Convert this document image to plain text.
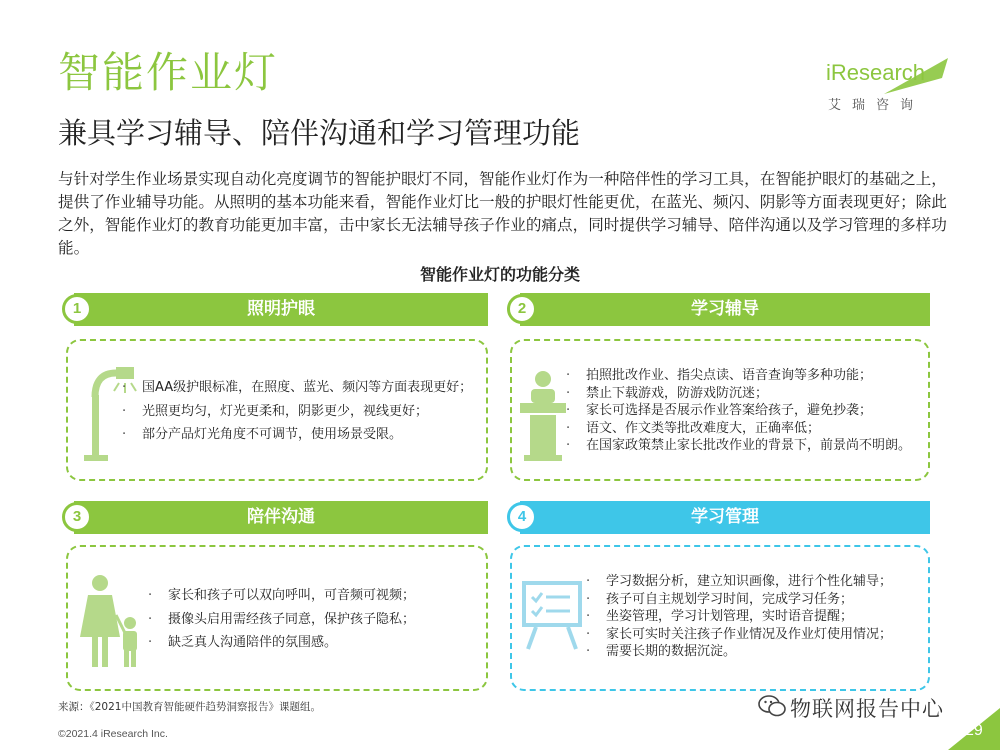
智能作业灯
兼具学习辅导、陪伴沟通和学习管理功能
iResearch
艾瑞咨询
与针对学生作业场景实现自动化亮度调节的智能护眼灯不同，智能作业灯作为一种陪伴性的学习工具，在智能护眼灯的基础之上，提供了作业辅导功能。从照明的基本功能来看，智能作业灯比一般的护眼灯性能更优，在蓝光、频闪、阴影等方面表现更好；除此之外，智能作业灯的教育功能更加丰富，击中家长无法辅导孩子作业的痛点，同时提供学习辅导、陪伴沟通以及学习管理的多样功能。
智能作业灯的功能分类
照明护眼
1
· 国AA级护眼标准，在照度、蓝光、频闪等方面表现更好；
· 光照更均匀，灯光更柔和，阴影更少，视线更好；
· 部分产品灯光角度不可调节，使用场景受限。
学习辅导
2
· 拍照批改作业、指尖点读、语音查询等多种功能；
· 禁止下载游戏，防游戏防沉迷；
· 家长可选择是否展示作业答案给孩子，避免抄袭；
· 语文、作文类等批改难度大，正确率低；
· 在国家政策禁止家长批改作业的背景下，前景尚不明朗。
陪伴沟通
3
· 家长和孩子可以双向呼叫，可音频可视频；
· 摄像头启用需经孩子同意，保护孩子隐私；
· 缺乏真人沟通陪伴的氛围感。
学习管理
4
· 学习数据分析，建立知识画像，进行个性化辅导；
· 孩子可自主规划学习时间，完成学习任务；
· 坐姿管理，学习计划管理，实时语音提醒；
· 家长可实时关注孩子作业情况及作业灯使用情况；
· 需要长期的数据沉淀。
来源：《2021中国教育智能硬件趋势洞察报告》课题组。
©2021.4 iResearch Inc.
物联网报告中心
29
